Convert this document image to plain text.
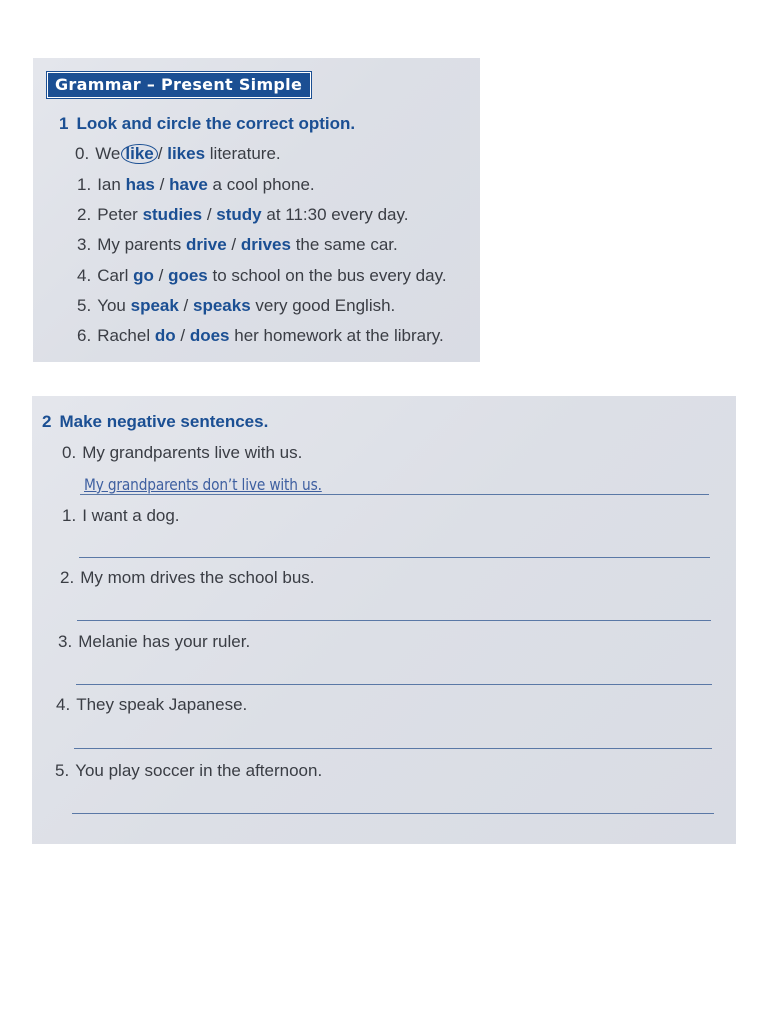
Grammar – Present Simple
1 Look and circle the correct option.
0. We like / likes literature.
1. Ian has / have a cool phone.
2. Peter studies / study at 11:30 every day.
3. My parents drive / drives the same car.
4. Carl go / goes to school on the bus every day.
5. You speak / speaks very good English.
6. Rachel do / does her homework at the library.
2 Make negative sentences.
0. My grandparents live with us.
My grandparents don’t live with us.
1. I want a dog.
2. My mom drives the school bus.
3. Melanie has your ruler.
4. They speak Japanese.
5. You play soccer in the afternoon.
